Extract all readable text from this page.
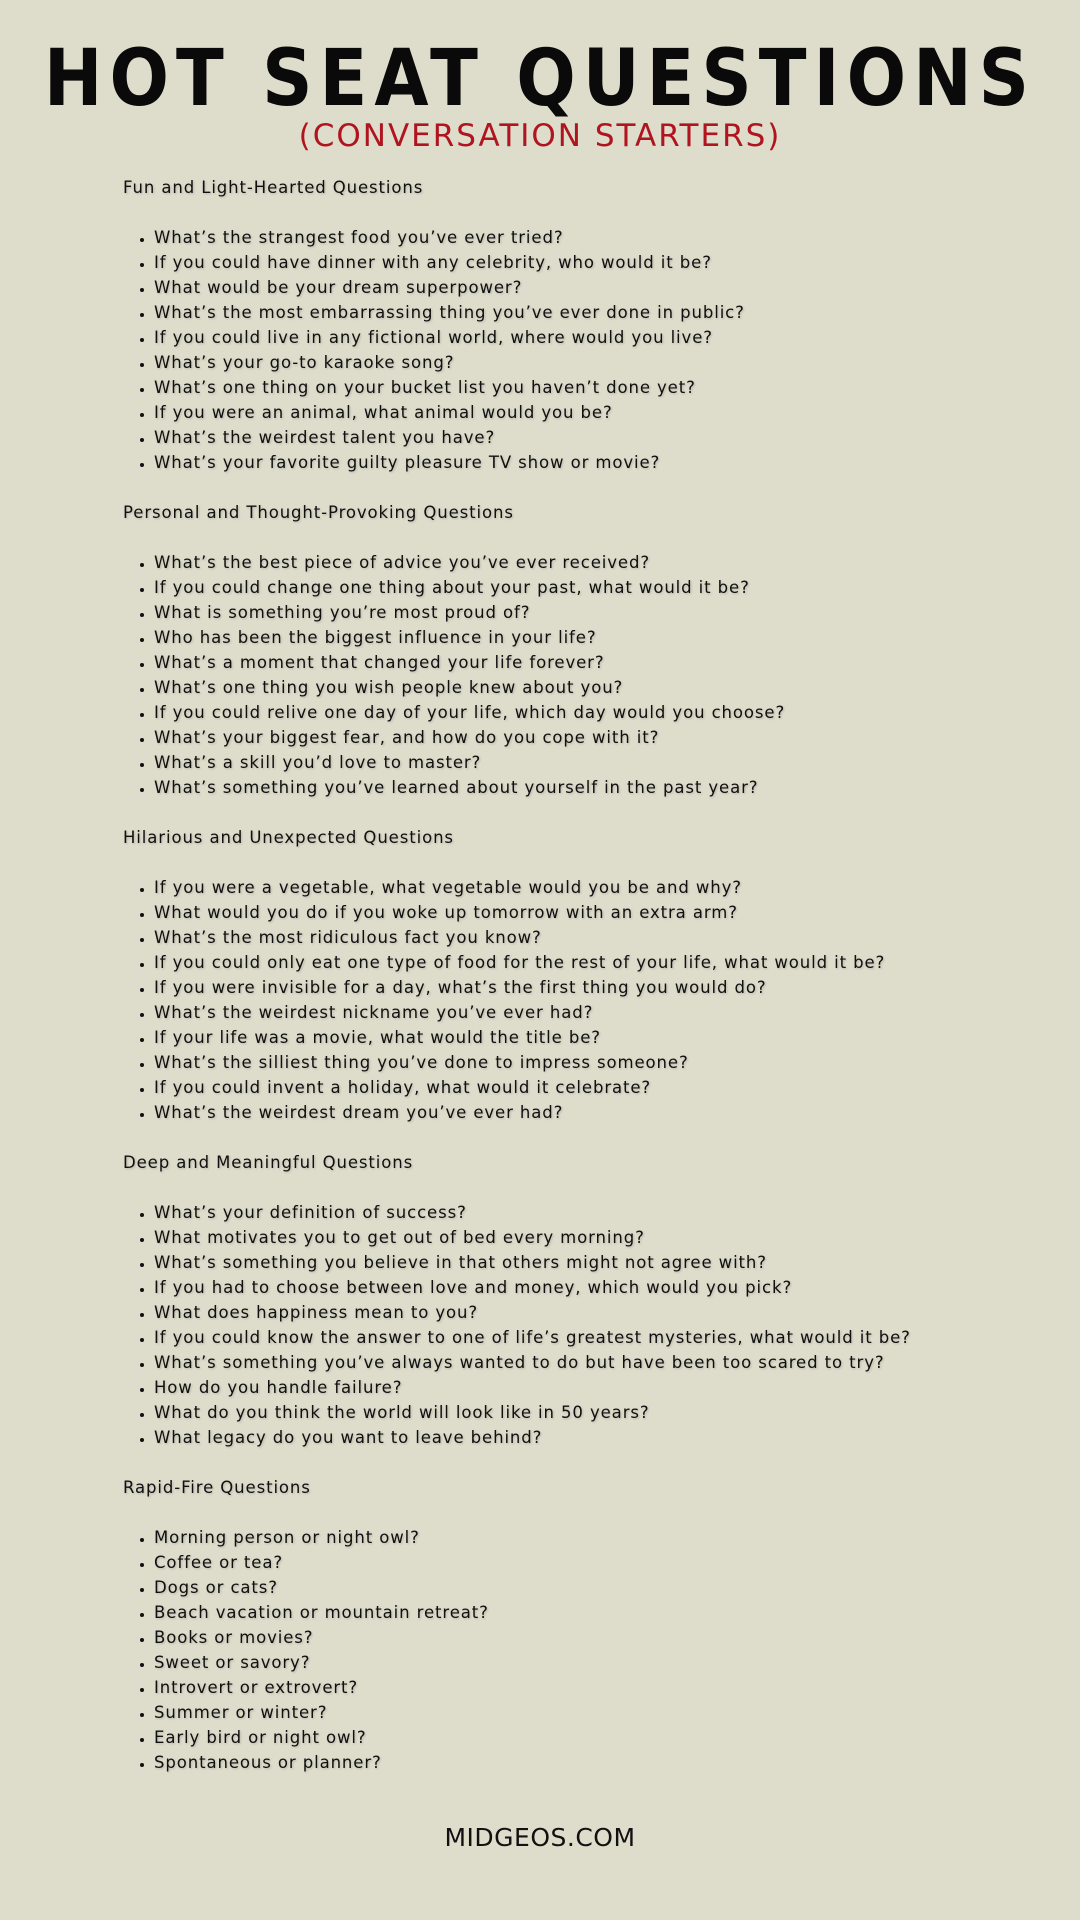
HOT SEAT QUESTIONS
(CONVERSATION STARTERS)
Fun and Light-Hearted Questions
• What’s the strangest food you’ve ever tried?
• If you could have dinner with any celebrity, who would it be?
• What would be your dream superpower?
• What’s the most embarrassing thing you’ve ever done in public?
• If you could live in any fictional world, where would you live?
• What’s your go-to karaoke song?
• What’s one thing on your bucket list you haven’t done yet?
• If you were an animal, what animal would you be?
• What’s the weirdest talent you have?
• What’s your favorite guilty pleasure TV show or movie?
Personal and Thought-Provoking Questions
• What’s the best piece of advice you’ve ever received?
• If you could change one thing about your past, what would it be?
• What is something you’re most proud of?
• Who has been the biggest influence in your life?
• What’s a moment that changed your life forever?
• What’s one thing you wish people knew about you?
• If you could relive one day of your life, which day would you choose?
• What’s your biggest fear, and how do you cope with it?
• What’s a skill you’d love to master?
• What’s something you’ve learned about yourself in the past year?
Hilarious and Unexpected Questions
• If you were a vegetable, what vegetable would you be and why?
• What would you do if you woke up tomorrow with an extra arm?
• What’s the most ridiculous fact you know?
• If you could only eat one type of food for the rest of your life, what would it be?
• If you were invisible for a day, what’s the first thing you would do?
• What’s the weirdest nickname you’ve ever had?
• If your life was a movie, what would the title be?
• What’s the silliest thing you’ve done to impress someone?
• If you could invent a holiday, what would it celebrate?
• What’s the weirdest dream you’ve ever had?
Deep and Meaningful Questions
• What’s your definition of success?
• What motivates you to get out of bed every morning?
• What’s something you believe in that others might not agree with?
• If you had to choose between love and money, which would you pick?
• What does happiness mean to you?
• If you could know the answer to one of life’s greatest mysteries, what would it be?
• What’s something you’ve always wanted to do but have been too scared to try?
• How do you handle failure?
• What do you think the world will look like in 50 years?
• What legacy do you want to leave behind?
Rapid-Fire Questions
• Morning person or night owl?
• Coffee or tea?
• Dogs or cats?
• Beach vacation or mountain retreat?
• Books or movies?
• Sweet or savory?
• Introvert or extrovert?
• Summer or winter?
• Early bird or night owl?
• Spontaneous or planner?
MIDGEOS.COM
